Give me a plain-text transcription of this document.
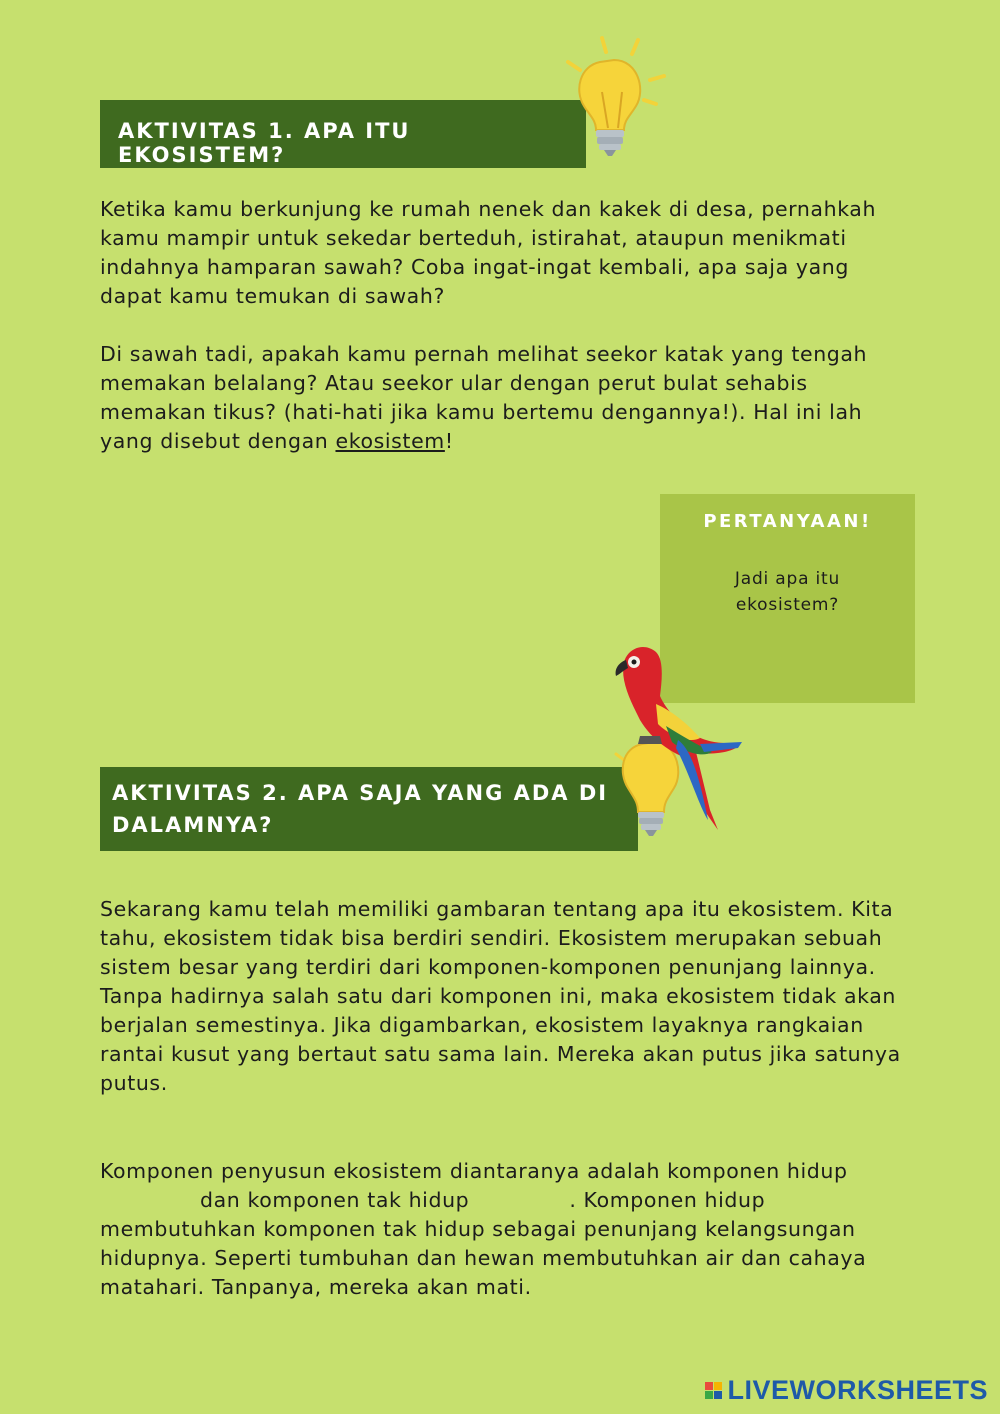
AKTIVITAS 1. APA ITU EKOSISTEM?
Ketika kamu berkunjung ke rumah nenek dan kakek di desa, pernahkah kamu mampir untuk sekedar berteduh, istirahat, ataupun menikmati indahnya hamparan sawah? Coba ingat-ingat kembali, apa saja yang dapat kamu temukan di sawah?
Di sawah tadi, apakah kamu pernah melihat seekor katak yang tengah memakan belalang? Atau seekor ular dengan perut bulat sehabis memakan tikus? (hati-hati jika kamu bertemu dengannya!). Hal ini lah yang disebut dengan ekosistem!
PERTANYAAN!
Jadi apa itu ekosistem?
AKTIVITAS 2. APA SAJA YANG ADA DI DALAMNYA?
Sekarang kamu telah memiliki gambaran tentang apa itu ekosistem. Kita tahu, ekosistem tidak bisa berdiri sendiri. Ekosistem merupakan sebuah sistem besar yang terdiri dari komponen-komponen penunjang lainnya. Tanpa hadirnya salah satu dari komponen ini, maka ekosistem tidak akan berjalan semestinya. Jika digambarkan, ekosistem layaknya rangkaian rantai kusut yang bertaut satu sama lain. Mereka akan putus jika satunya putus.
Komponen penyusun ekosistem diantaranya adalah komponen hidupdan komponen tak hidup	. Komponen hidup membutuhkan komponen tak hidup sebagai penunjang kelangsungan hidupnya. Seperti tumbuhan dan hewan membutuhkan air dan cahaya matahari. Tanpanya, mereka akan mati.
LIVEWORKSHEETS
